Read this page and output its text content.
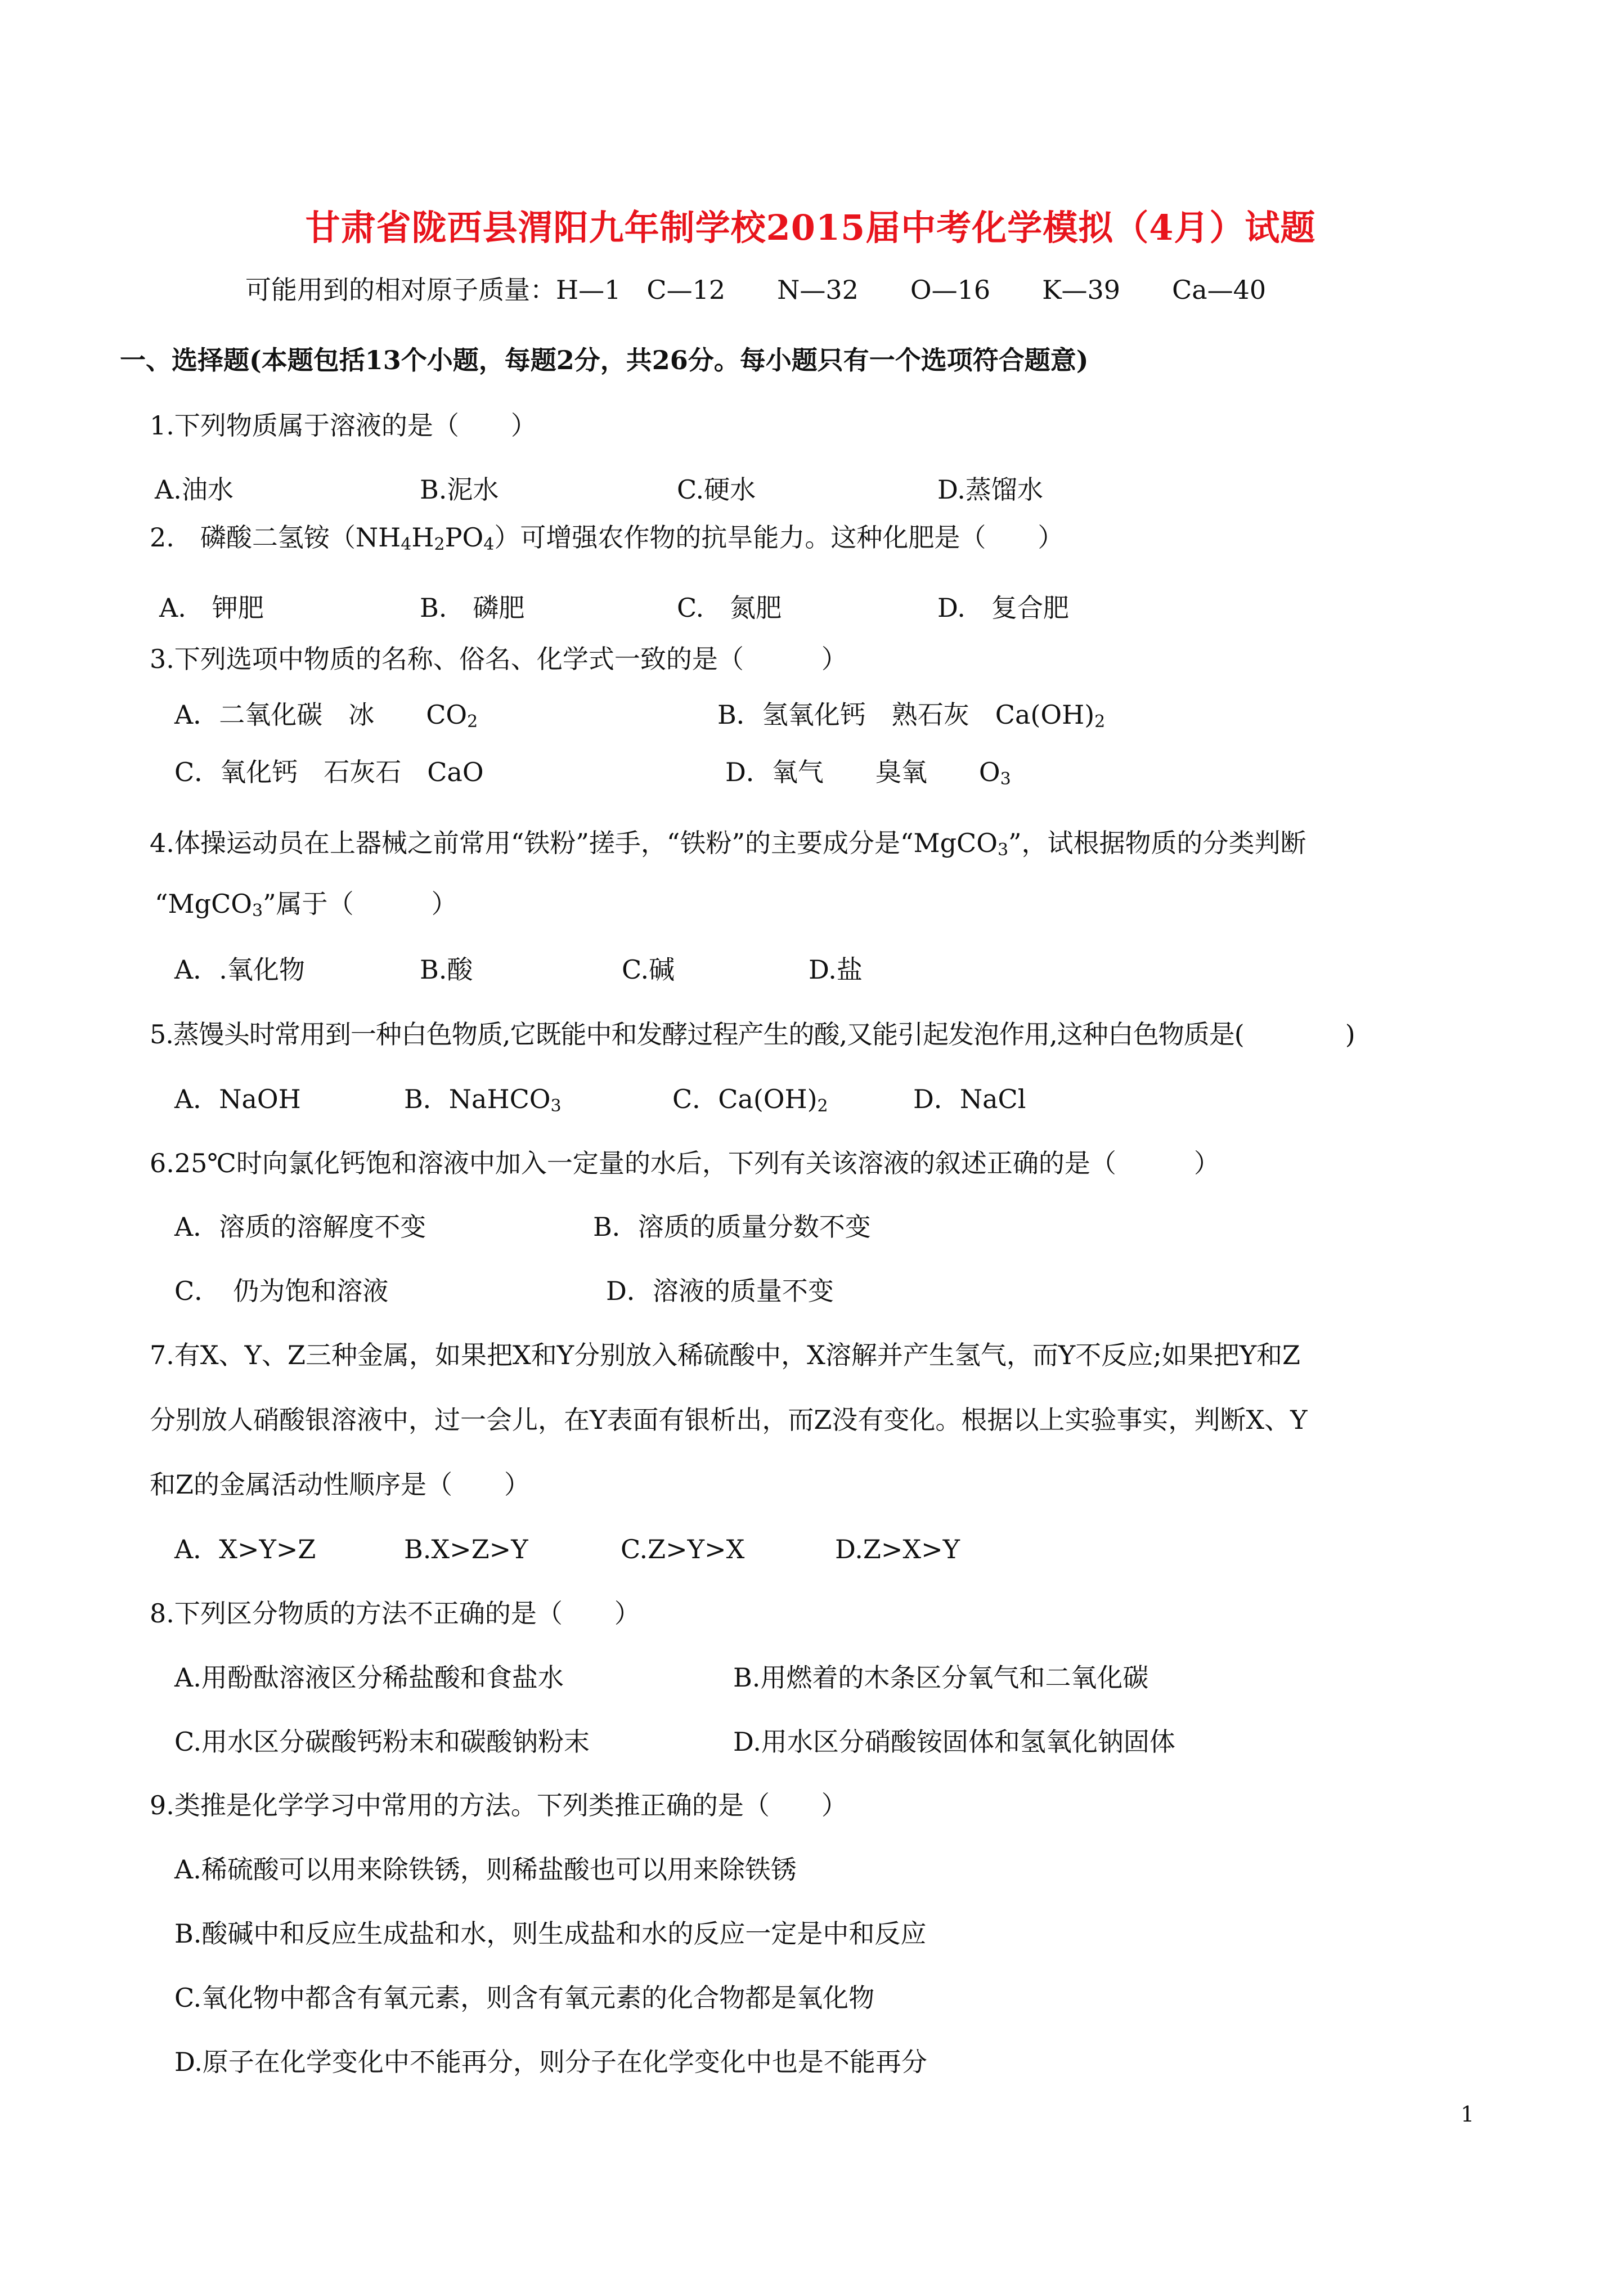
甘肃省陇西县渭阳九年制学校2015届中考化学模拟（4月）试题
可能用到的相对原子质量：H—1　C—12　　N—32　　O—16　　K—39　　Ca—40
一、选择题(本题包括13个小题，每题2分，共26分。每小题只有一个选项符合题意)
1.下列物质属于溶液的是（　　）
A.油水	B.泥水	C.硬水	D.蒸馏水
2.　磷酸二氢铵$(NH_4H_2PO_4)$可增强农作物的抗旱能力。这种化肥是（　　）
A.　钾肥	B.　磷肥	C.　氮肥	D.　复合肥
3.下列选项中物质的名称、俗名、化学式一致的是（　　　）
A．二氧化碳　冰　　$CO_2$	B．氢氧化钙　熟石灰　$Ca(OH)_2$
C．氧化钙　石灰石　CaO	D．氧气　　臭氧　　$O_3$
4.体操运动员在上器械之前常用“铁粉”搓手，“铁粉”的主要成分是“MgCO$_3$”，试根据物质的分类判断
“MgCO$_3$”属于（　　　）
A．.氧化物	B.酸	C.碱	D.盐
5.蒸馒头时常用到一种白色物质,它既能中和发酵过程产生的酸,又能引起发泡作用,这种白色物质是(　　　　)
A．NaOH	B．NaHCO$_3$	C．$Ca(OH)_2$	D．NaCl
6.25℃时向氯化钙饱和溶液中加入一定量的水后，下列有关该溶液的叙述正确的是（　　　）
A．溶质的溶解度不变	B．溶质的质量分数不变
C．　仍为饱和溶液	D．溶液的质量不变
7.有X、Y、Z三种金属，如果把X和Y分别放入稀硫酸中，X溶解并产生氢气，而Y不反应;如果把Y和Z
分别放人硝酸银溶液中，过一会儿，在Y表面有银析出，而Z没有变化。根据以上实验事实，判断X、Y
和Z的金属活动性顺序是（　　）
A．X>Y>Z	B.X>Z>Y	C.Z>Y>X	D.Z>X>Y
8.下列区分物质的方法不正确的是（　　）
A.用酚酞溶液区分稀盐酸和食盐水	B.用燃着的木条区分氧气和二氧化碳
C.用水区分碳酸钙粉末和碳酸钠粉末	D.用水区分硝酸铵固体和氢氧化钠固体
9.类推是化学学习中常用的方法。下列类推正确的是（　　）
A.稀硫酸可以用来除铁锈，则稀盐酸也可以用来除铁锈
B.酸碱中和反应生成盐和水，则生成盐和水的反应一定是中和反应
C.氧化物中都含有氧元素，则含有氧元素的化合物都是氧化物
D.原子在化学变化中不能再分，则分子在化学变化中也是不能再分
1
